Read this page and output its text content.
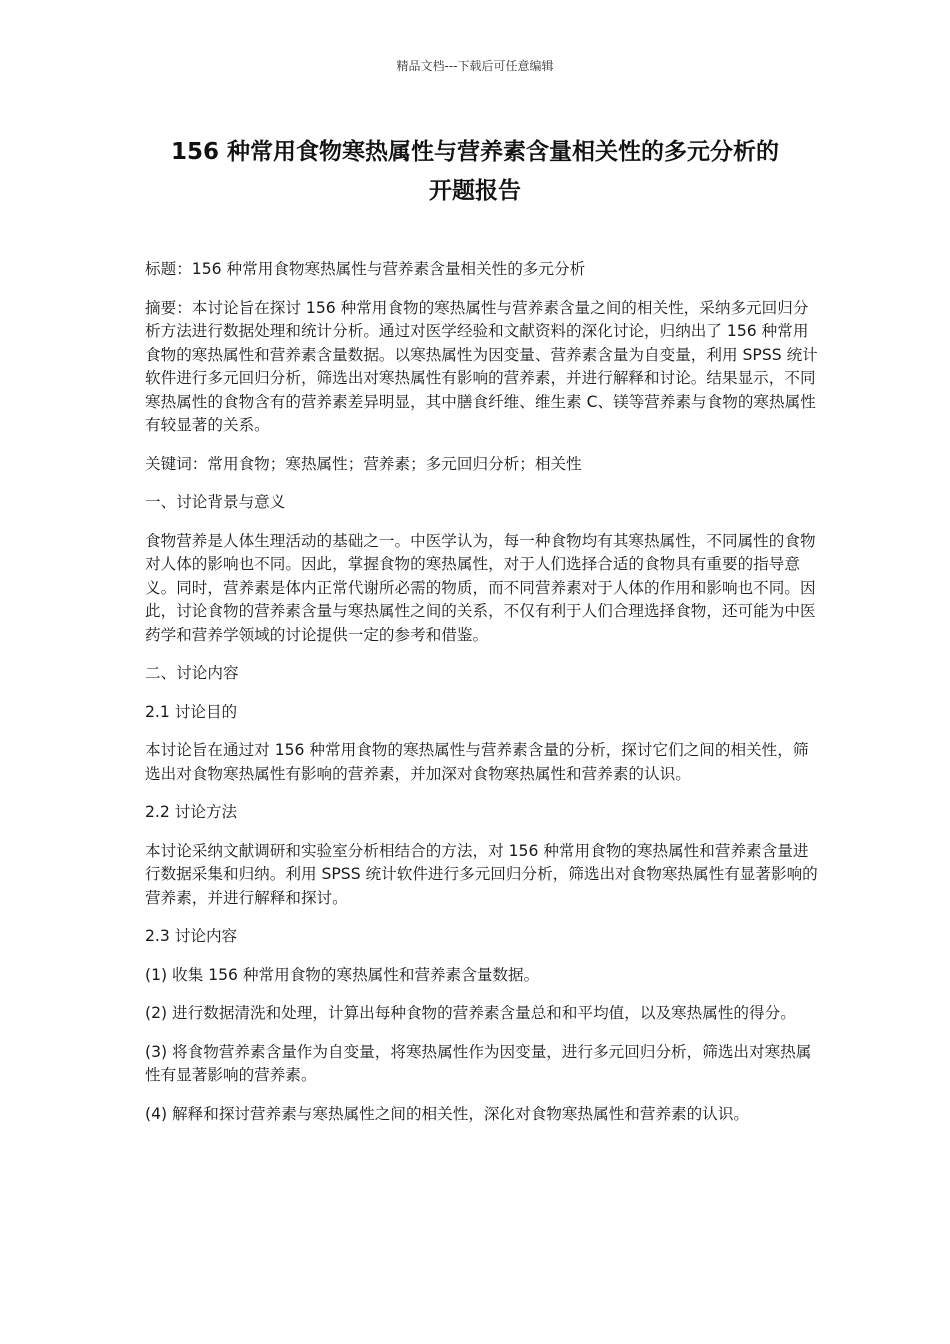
精品文档---下载后可任意编辑
156 种常用食物寒热属性与营养素含量相关性的多元分析的
开题报告

标题：156 种常用食物寒热属性与营养素含量相关性的多元分析

摘要：本讨论旨在探讨 156 种常用食物的寒热属性与营养素含量之间的相关性，采纳多元回归分析方法进行数据处理和统计分析。通过对医学经验和文献资料的深化讨论，归纳出了 156 种常用食物的寒热属性和营养素含量数据。以寒热属性为因变量、营养素含量为自变量，利用 SPSS 统计软件进行多元回归分析，筛选出对寒热属性有影响的营养素，并进行解释和讨论。结果显示，不同寒热属性的食物含有的营养素差异明显，其中膳食纤维、维生素 C、镁等营养素与食物的寒热属性有较显著的关系。

关键词：常用食物；寒热属性；营养素；多元回归分析；相关性

一、讨论背景与意义

食物营养是人体生理活动的基础之一。中医学认为，每一种食物均有其寒热属性，不同属性的食物对人体的影响也不同。因此，掌握食物的寒热属性，对于人们选择合适的食物具有重要的指导意义。同时，营养素是体内正常代谢所必需的物质，而不同营养素对于人体的作用和影响也不同。因此，讨论食物的营养素含量与寒热属性之间的关系，不仅有利于人们合理选择食物，还可能为中医药学和营养学领域的讨论提供一定的参考和借鉴。

二、讨论内容

2.1 讨论目的

本讨论旨在通过对 156 种常用食物的寒热属性与营养素含量的分析，探讨它们之间的相关性，筛选出对食物寒热属性有影响的营养素，并加深对食物寒热属性和营养素的认识。

2.2 讨论方法

本讨论采纳文献调研和实验室分析相结合的方法，对 156 种常用食物的寒热属性和营养素含量进行数据采集和归纳。利用 SPSS 统计软件进行多元回归分析，筛选出对食物寒热属性有显著影响的营养素，并进行解释和探讨。

2.3 讨论内容

(1) 收集 156 种常用食物的寒热属性和营养素含量数据。

(2) 进行数据清洗和处理，计算出每种食物的营养素含量总和和平均值，以及寒热属性的得分。

(3) 将食物营养素含量作为自变量，将寒热属性作为因变量，进行多元回归分析，筛选出对寒热属性有显著影响的营养素。

(4) 解释和探讨营养素与寒热属性之间的相关性，深化对食物寒热属性和营养素的认识。
